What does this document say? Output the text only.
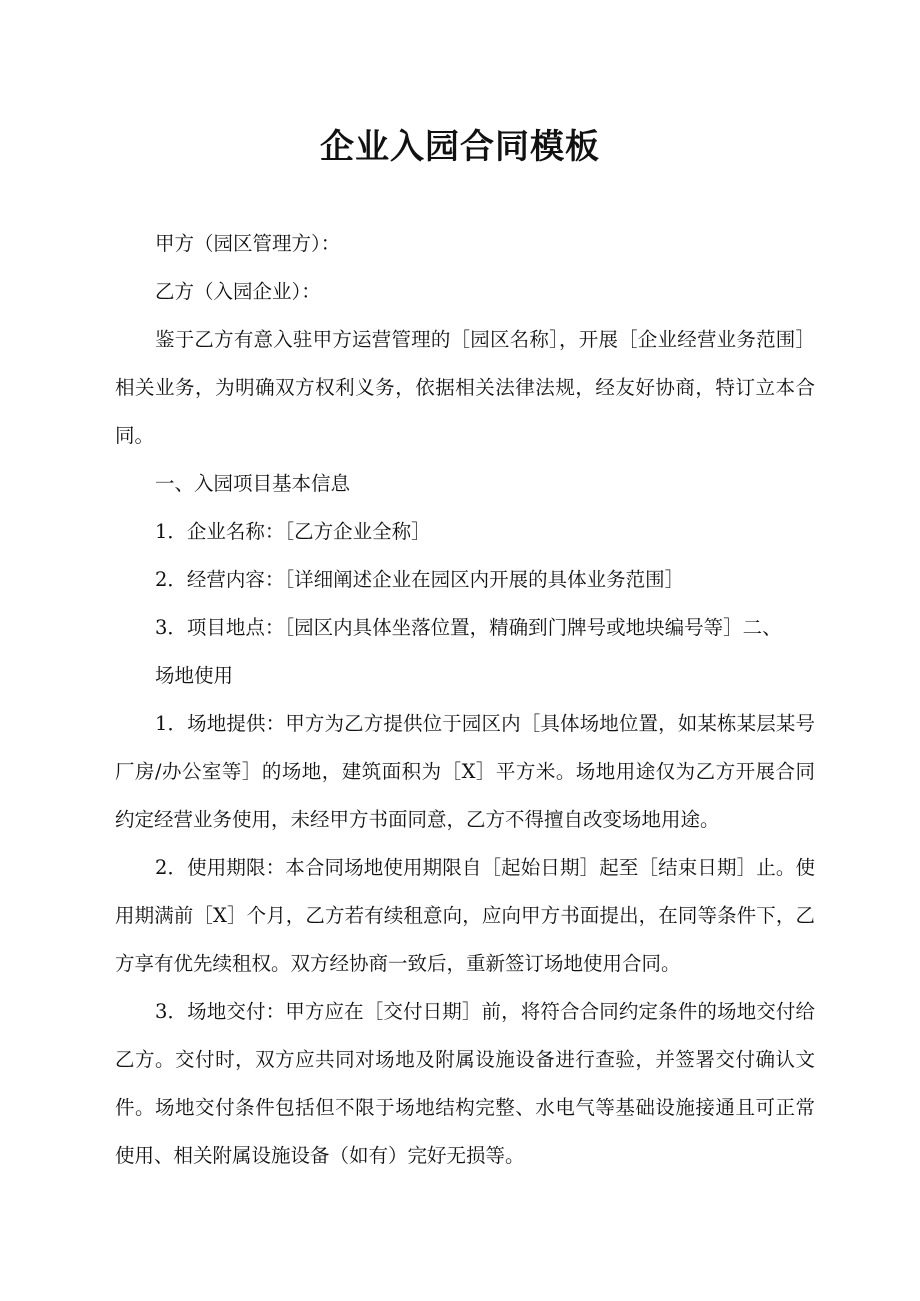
企业入园合同模板

甲方（园区管理方）：

乙方（入园企业）：

鉴于乙方有意入驻甲方运营管理的［园区名称］，开展［企业经营业务范围］相关业务，为明确双方权利义务，依据相关法律法规，经友好协商，特订立本合同。

一、入园项目基本信息

1．企业名称：［乙方企业全称］

2．经营内容：［详细阐述企业在园区内开展的具体业务范围］

3．项目地点：［园区内具体坐落位置，精确到门牌号或地块编号等］二、

场地使用

1．场地提供：甲方为乙方提供位于园区内［具体场地位置，如某栋某层某号厂房/办公室等］的场地，建筑面积为［X］平方米。场地用途仅为乙方开展合同约定经营业务使用，未经甲方书面同意，乙方不得擅自改变场地用途。

2．使用期限：本合同场地使用期限自［起始日期］起至［结束日期］止。使用期满前［X］个月，乙方若有续租意向，应向甲方书面提出，在同等条件下，乙方享有优先续租权。双方经协商一致后，重新签订场地使用合同。

3．场地交付：甲方应在［交付日期］前，将符合合同约定条件的场地交付给乙方。交付时，双方应共同对场地及附属设施设备进行查验，并签署交付确认文件。场地交付条件包括但不限于场地结构完整、水电气等基础设施接通且可正常使用、相关附属设施设备（如有）完好无损等。
